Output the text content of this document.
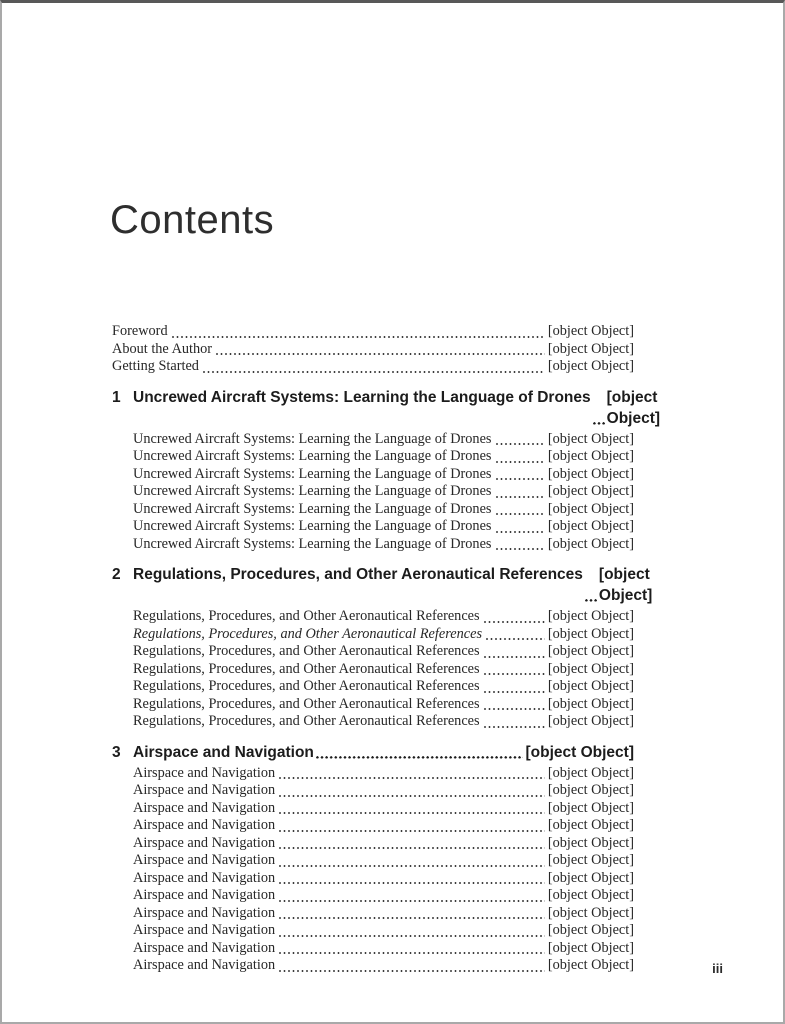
Contents
Foreword	[object Object]
About the Author	[object Object]
Getting Started	[object Object]
1 Uncrewed Aircraft Systems: Learning the Language of Drones [object Object]
Uncrewed Aircraft Systems: Learning the Language of Drones	[object Object]
Uncrewed Aircraft Systems: Learning the Language of Drones	[object Object]
Uncrewed Aircraft Systems: Learning the Language of Drones	[object Object]
Uncrewed Aircraft Systems: Learning the Language of Drones	[object Object]
Uncrewed Aircraft Systems: Learning the Language of Drones	[object Object]
Uncrewed Aircraft Systems: Learning the Language of Drones	[object Object]
Uncrewed Aircraft Systems: Learning the Language of Drones	[object Object]
2 Regulations, Procedures, and Other Aeronautical References [object Object]
Regulations, Procedures, and Other Aeronautical References	[object Object]
Regulations, Procedures, and Other Aeronautical References	[object Object]
Regulations, Procedures, and Other Aeronautical References	[object Object]
Regulations, Procedures, and Other Aeronautical References	[object Object]
Regulations, Procedures, and Other Aeronautical References	[object Object]
Regulations, Procedures, and Other Aeronautical References	[object Object]
Regulations, Procedures, and Other Aeronautical References	[object Object]
3 Airspace and Navigation	[object Object]
Airspace and Navigation	[object Object]
Airspace and Navigation	[object Object]
Airspace and Navigation	[object Object]
Airspace and Navigation	[object Object]
Airspace and Navigation	[object Object]
Airspace and Navigation	[object Object]
Airspace and Navigation	[object Object]
Airspace and Navigation	[object Object]
Airspace and Navigation	[object Object]
Airspace and Navigation	[object Object]
Airspace and Navigation	[object Object]
Airspace and Navigation	[object Object]	iii
